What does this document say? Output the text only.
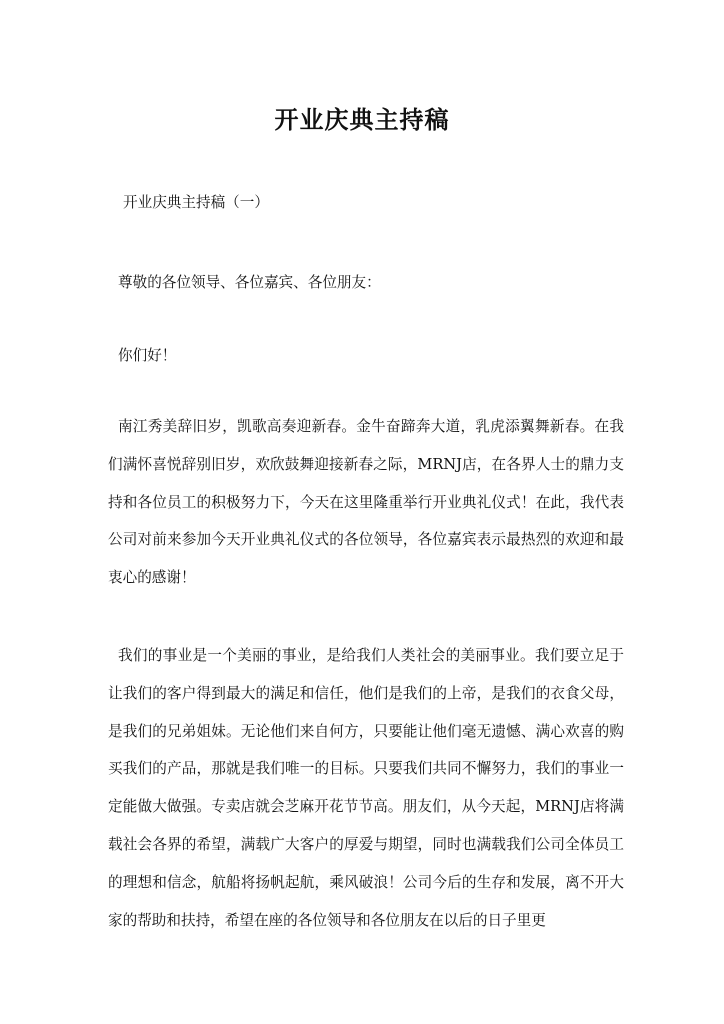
开业庆典主持稿
开业庆典主持稿（一）
尊敬的各位领导、各位嘉宾、各位朋友：
你们好！
南江秀美辞旧岁，凯歌高奏迎新春。金牛奋蹄奔大道，乳虎添翼舞新春。在我们满怀喜悦辞别旧岁，欢欣鼓舞迎接新春之际，MRNJ店，在各界人士的鼎力支持和各位员工的积极努力下，今天在这里隆重举行开业典礼仪式！在此，我代表公司对前来参加今天开业典礼仪式的各位领导，各位嘉宾表示最热烈的欢迎和最衷心的感谢！
我们的事业是一个美丽的事业，是给我们人类社会的美丽事业。我们要立足于让我们的客户得到最大的满足和信任，他们是我们的上帝，是我们的衣食父母，是我们的兄弟姐妹。无论他们来自何方，只要能让他们毫无遗憾、满心欢喜的购买我们的产品，那就是我们唯一的目标。只要我们共同不懈努力，我们的事业一定能做大做强。专卖店就会芝麻开花节节高。朋友们，从今天起，MRNJ店将满载社会各界的希望，满载广大客户的厚爱与期望，同时也满载我们公司全体员工的理想和信念，航船将扬帆起航，乘风破浪！公司今后的生存和发展，离不开大家的帮助和扶持，希望在座的各位领导和各位朋友在以后的日子里更
